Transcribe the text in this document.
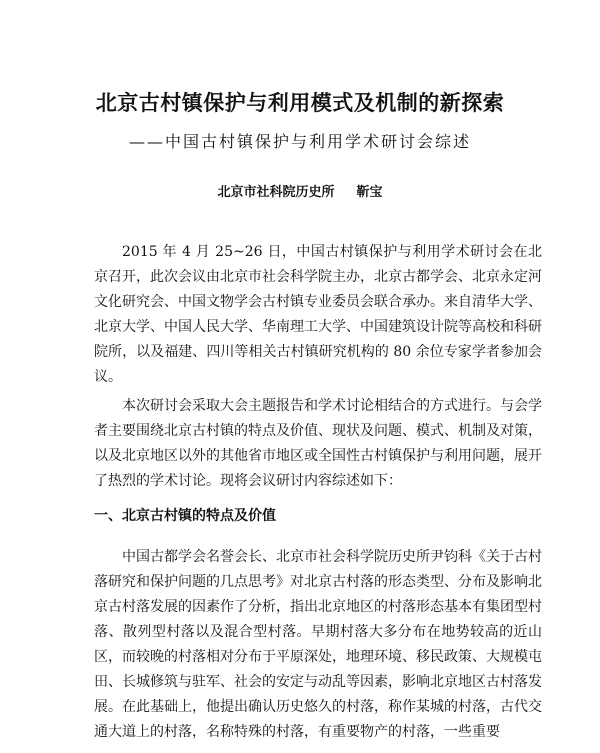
北京古村镇保护与利用模式及机制的新探索
——中国古村镇保护与利用学术研讨会综述
北京市社科院历史所 靳宝

2015 年 4 月 25~26 日，中国古村镇保护与利用学术研讨会在北京召开，此次会议由北京市社会科学院主办，北京古都学会、北京永定河文化研究会、中国文物学会古村镇专业委员会联合承办。来自清华大学、北京大学、中国人民大学、华南理工大学、中国建筑设计院等高校和科研院所，以及福建、四川等相关古村镇研究机构的 80 余位专家学者参加会议。

本次研讨会采取大会主题报告和学术讨论相结合的方式进行。与会学者主要围绕北京古村镇的特点及价值、现状及问题、模式、机制及对策，以及北京地区以外的其他省市地区或全国性古村镇保护与利用问题，展开了热烈的学术讨论。现将会议研讨内容综述如下：

一、北京古村镇的特点及价值

中国古都学会名誉会长、北京市社会科学院历史所尹钧科《关于古村落研究和保护问题的几点思考》对北京古村落的形态类型、分布及影响北京古村落发展的因素作了分析，指出北京地区的村落形态基本有集团型村落、散列型村落以及混合型村落。早期村落大多分布在地势较高的近山区，而较晚的村落相对分布于平原深处，地理环境、移民政策、大规模屯田、长城修筑与驻军、社会的安定与动乱等因素，影响北京地区古村落发展。在此基础上，他提出确认历史悠久的村落，称作某城的村落，古代交通大道上的村落，名称特殊的村落，有重要物产的村落，一些重要
